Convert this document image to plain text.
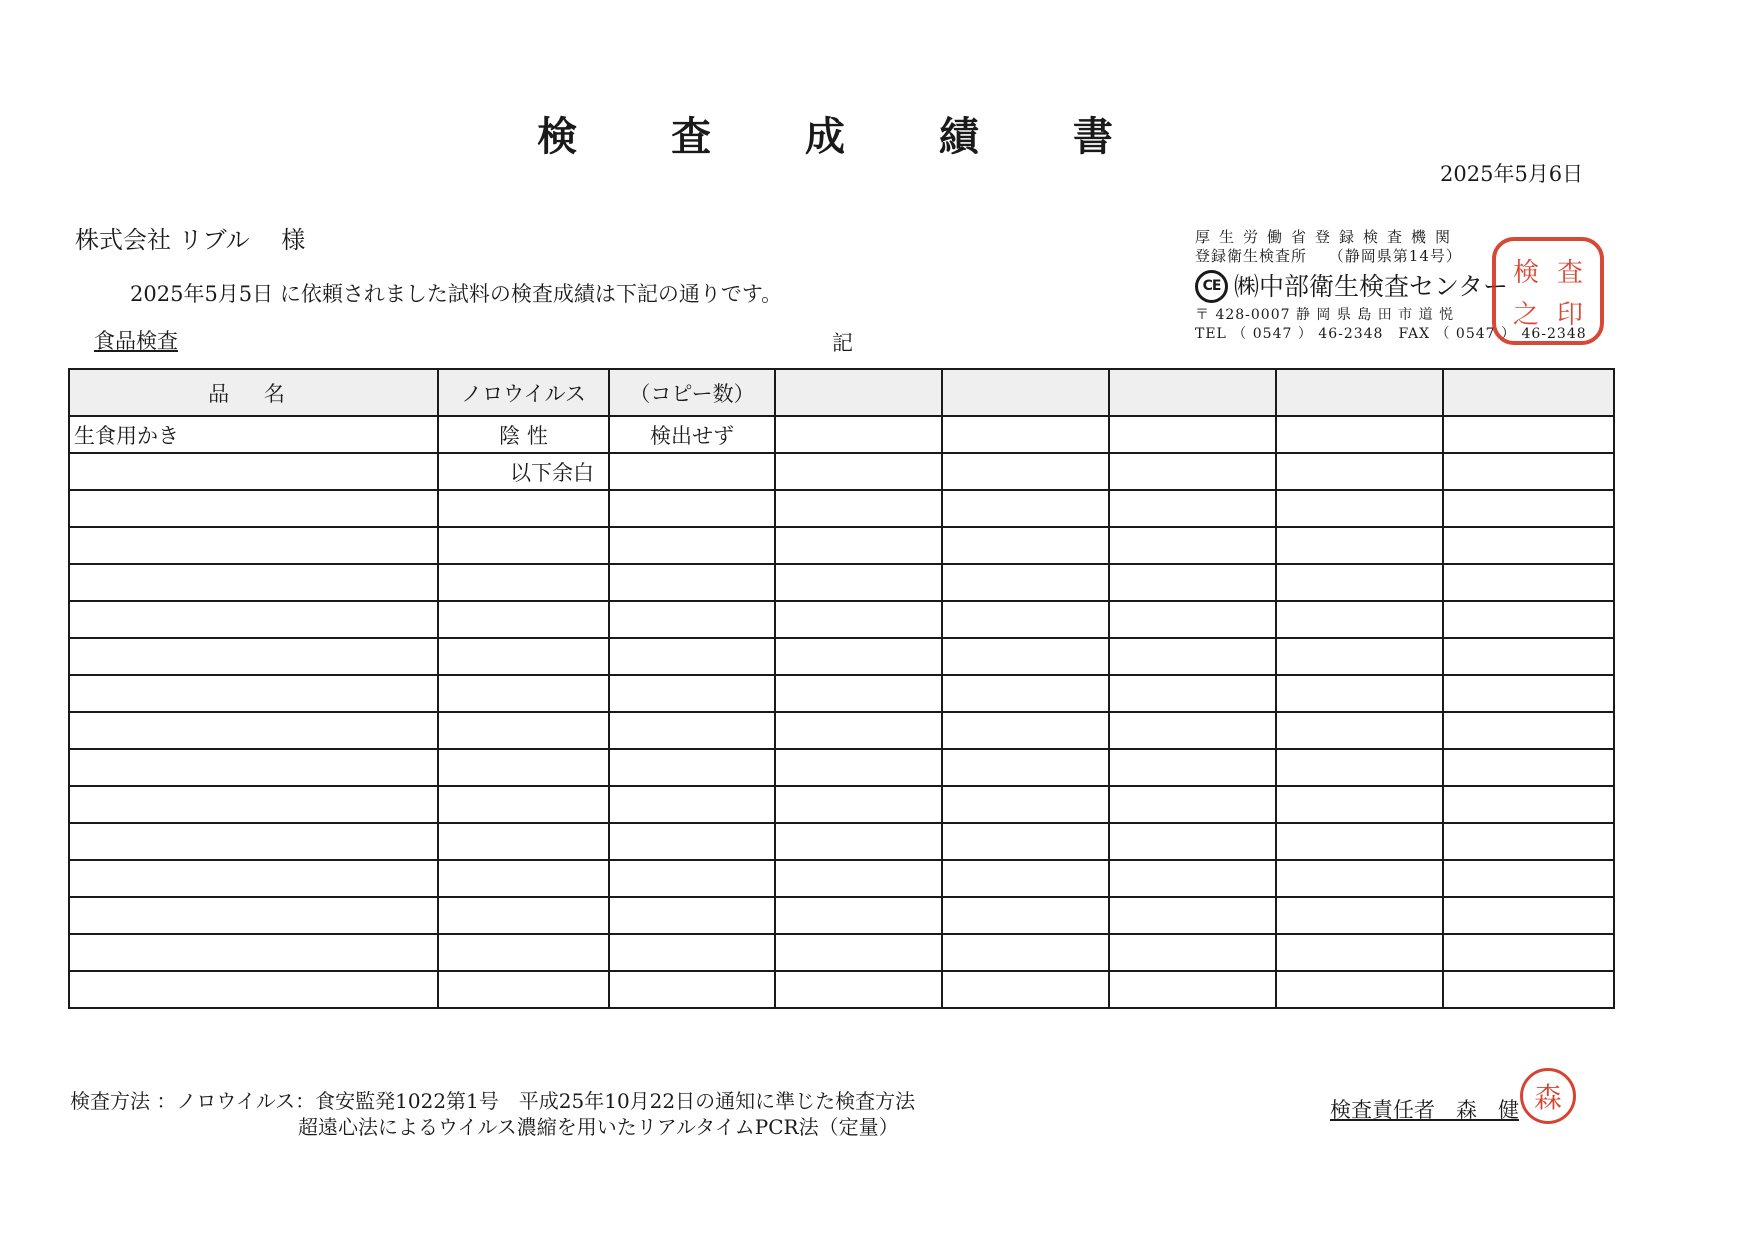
検 査 成 績 書
2025年5月6日
株式会社 リブル　 様
2025年5月5日 に依頼されました試料の検査成績は下記の通りです。
食品検査	記
厚生労働省登録検査機関
登録衛生検査所　 （静岡県第14号）
CE ㈱中部衛生検査センター
〒 428-0007 静 岡 県 島 田 市 道 悦
TEL （ 0547 ） 46-2348　FAX （ 0547 ） 46-2348
検 査
之 印
品 名	ノロウイルス	（コピー数）					
生食用かき	陰 性	検出せず					
	以下余白						

検査方法 ：ノロウイルス：食安監発1022第1号　平成25年10月22日の通知に準じた検査方法
超遠心法によるウイルス濃縮を用いたリアルタイムPCR法（定量）
検査責任者　森　健 森
